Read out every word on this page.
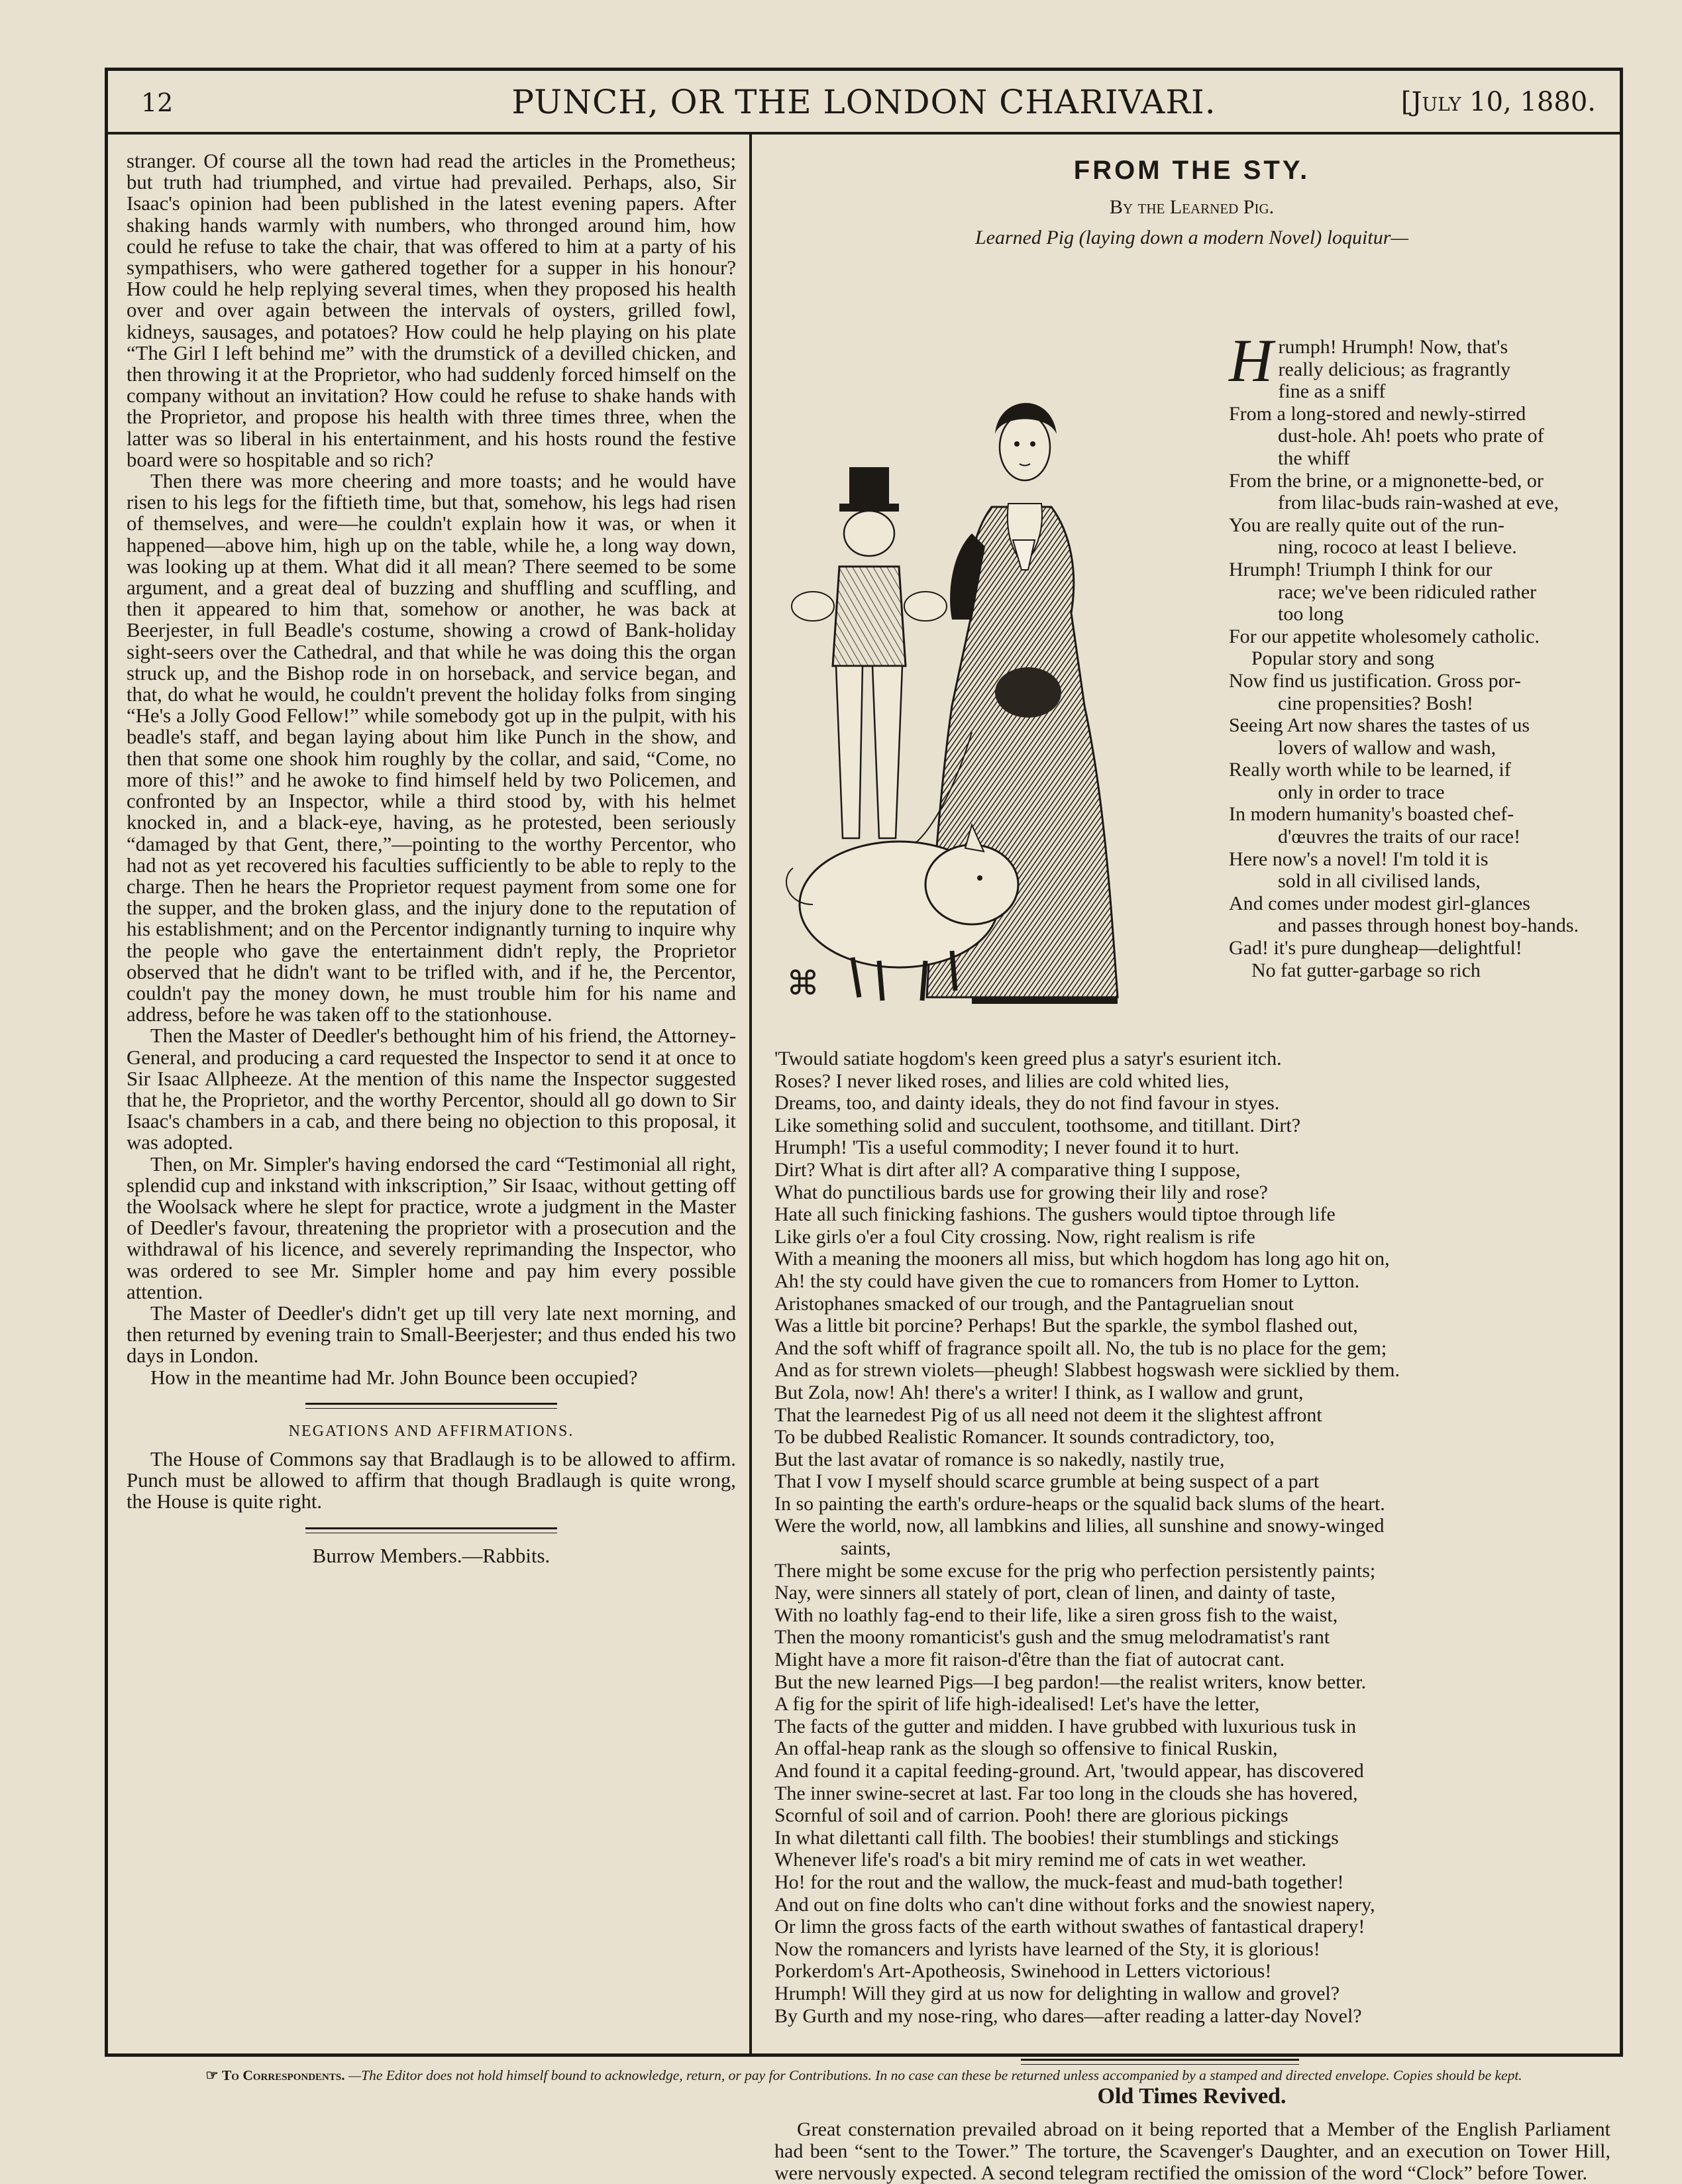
12	PUNCH, OR THE LONDON CHARIVARI.	[July 10, 1880.

stranger. Of course all the town had read the articles in the Prometheus; but truth had triumphed, and virtue had prevailed. Perhaps, also, Sir Isaac's opinion had been published in the latest evening papers. After shaking hands warmly with numbers, who thronged around him, how could he refuse to take the chair, that was offered to him at a party of his sympathisers, who were gathered together for a supper in his honour? How could he help replying several times, when they proposed his health over and over again between the intervals of oysters, grilled fowl, kidneys, sausages, and potatoes? How could he help playing on his plate “The Girl I left behind me” with the drumstick of a devilled chicken, and then throwing it at the Proprietor, who had suddenly forced himself on the company without an invitation? How could he refuse to shake hands with the Proprietor, and propose his health with three times three, when the latter was so liberal in his entertainment, and his hosts round the festive board were so hospitable and so rich?

Then there was more cheering and more toasts; and he would have risen to his legs for the fiftieth time, but that, somehow, his legs had risen of themselves, and were—he couldn't explain how it was, or when it happened—above him, high up on the table, while he, a long way down, was looking up at them. What did it all mean? There seemed to be some argument, and a great deal of buzzing and shuffling and scuffling, and then it appeared to him that, somehow or another, he was back at Beerjester, in full Beadle's costume, showing a crowd of Bank-holiday sight-seers over the Cathedral, and that while he was doing this the organ struck up, and the Bishop rode in on horseback, and service began, and that, do what he would, he couldn't prevent the holiday folks from singing “He's a Jolly Good Fellow!” while somebody got up in the pulpit, with his beadle's staff, and began laying about him like Punch in the show, and then that some one shook him roughly by the collar, and said, “Come, no more of this!” and he awoke to find himself held by two Policemen, and confronted by an Inspector, while a third stood by, with his helmet knocked in, and a black-eye, having, as he protested, been seriously “damaged by that Gent, there,”—pointing to the worthy Percentor, who had not as yet recovered his faculties sufficiently to be able to reply to the charge. Then he hears the Proprietor request payment from some one for the supper, and the broken glass, and the injury done to the reputation of his establishment; and on the Percentor indignantly turning to inquire why the people who gave the entertainment didn't reply, the Proprietor observed that he didn't want to be trifled with, and if he, the Percentor, couldn't pay the money down, he must trouble him for his name and address, before he was taken off to the stationhouse.

Then the Master of Deedler's bethought him of his friend, the Attorney-General, and producing a card requested the Inspector to send it at once to Sir Isaac Allpheeze. At the mention of this name the Inspector suggested that he, the Proprietor, and the worthy Percentor, should all go down to Sir Isaac's chambers in a cab, and there being no objection to this proposal, it was adopted.

Then, on Mr. Simpler's having endorsed the card “Testimonial all right, splendid cup and inkstand with inkscription,” Sir Isaac, without getting off the Woolsack where he slept for practice, wrote a judgment in the Master of Deedler's favour, threatening the proprietor with a prosecution and the withdrawal of his licence, and severely reprimanding the Inspector, who was ordered to see Mr. Simpler home and pay him every possible attention.

The Master of Deedler's didn't get up till very late next morning, and then returned by evening train to Small-Beerjester; and thus ended his two days in London.

How in the meantime had Mr. John Bounce been occupied?

NEGATIONS AND AFFIRMATIONS.

The House of Commons say that Bradlaugh is to be allowed to affirm. Punch must be allowed to affirm that though Bradlaugh is quite wrong, the House is quite right.

Burrow Members.—Rabbits.
FROM THE STY.
By the Learned Pig.
Learned Pig (laying down a modern Novel) loquitur—
⌘
H rumph! Hrumph! Now, that's
really delicious; as fragrantly
fine as a sniff
From a long-stored and newly-stirred
dust-hole. Ah! poets who prate of
the whiff
From the brine, or a mignonette-bed, or
from lilac-buds rain-washed at eve,
You are really quite out of the run-
ning, rococo at least I believe.
Hrumph! Triumph I think for our
race; we've been ridiculed rather
too long
For our appetite wholesomely catholic.
Popular story and song
Now find us justification. Gross por-
cine propensities? Bosh!
Seeing Art now shares the tastes of us
lovers of wallow and wash,
Really worth while to be learned, if
only in order to trace
In modern humanity's boasted chef-
d'œuvres the traits of our race!
Here now's a novel! I'm told it is
sold in all civilised lands,
And comes under modest girl-glances
and passes through honest boy-hands.
Gad! it's pure dungheap—delightful!
No fat gutter-garbage so rich
'Twould satiate hogdom's keen greed plus a satyr's esurient itch.
Roses? I never liked roses, and lilies are cold whited lies,
Dreams, too, and dainty ideals, they do not find favour in styes.
Like something solid and succulent, toothsome, and titillant. Dirt?
Hrumph! 'Tis a useful commodity; I never found it to hurt.
Dirt? What is dirt after all? A comparative thing I suppose,
What do punctilious bards use for growing their lily and rose?
Hate all such finicking fashions. The gushers would tiptoe through life
Like girls o'er a foul City crossing. Now, right realism is rife
With a meaning the mooners all miss, but which hogdom has long ago hit on,
Ah! the sty could have given the cue to romancers from Homer to Lytton.
Aristophanes smacked of our trough, and the Pantagruelian snout
Was a little bit porcine? Perhaps! But the sparkle, the symbol flashed out,
And the soft whiff of fragrance spoilt all. No, the tub is no place for the gem;
And as for strewn violets—pheugh! Slabbest hogswash were sicklied by them.
But Zola, now! Ah! there's a writer! I think, as I wallow and grunt,
That the learnedest Pig of us all need not deem it the slightest affront
To be dubbed Realistic Romancer. It sounds contradictory, too,
But the last avatar of romance is so nakedly, nastily true,
That I vow I myself should scarce grumble at being suspect of a part
In so painting the earth's ordure-heaps or the squalid back slums of the heart.
Were the world, now, all lambkins and lilies, all sunshine and snowy-winged
saints,
There might be some excuse for the prig who perfection persistently paints;
Nay, were sinners all stately of port, clean of linen, and dainty of taste,
With no loathly fag-end to their life, like a siren gross fish to the waist,
Then the moony romanticist's gush and the smug melodramatist's rant
Might have a more fit raison-d'être than the fiat of autocrat cant.
But the new learned Pigs—I beg pardon!—the realist writers, know better.
A fig for the spirit of life high-idealised! Let's have the letter,
The facts of the gutter and midden. I have grubbed with luxurious tusk in
An offal-heap rank as the slough so offensive to finical Ruskin,
And found it a capital feeding-ground. Art, 'twould appear, has discovered
The inner swine-secret at last. Far too long in the clouds she has hovered,
Scornful of soil and of carrion. Pooh! there are glorious pickings
In what dilettanti call filth. The boobies! their stumblings and stickings
Whenever life's road's a bit miry remind me of cats in wet weather.
Ho! for the rout and the wallow, the muck-feast and mud-bath together!
And out on fine dolts who can't dine without forks and the snowiest napery,
Or limn the gross facts of the earth without swathes of fantastical drapery!
Now the romancers and lyrists have learned of the Sty, it is glorious!
Porkerdom's Art-Apotheosis, Swinehood in Letters victorious!
Hrumph! Will they gird at us now for delighting in wallow and grovel?
By Gurth and my nose-ring, who dares—after reading a latter-day Novel?
Old Times Revived.

Great consternation prevailed abroad on it being reported that a Member of the English Parliament had been “sent to the Tower.” The torture, the Scavenger's Daughter, and an execution on Tower Hill, were nervously expected. A second telegram rectified the omission of the word “Clock” before Tower.

☞ To Correspondents. —The Editor does not hold himself bound to acknowledge, return, or pay for Contributions. In no case can these be returned unless accompanied by a stamped and directed envelope. Copies should be kept.
